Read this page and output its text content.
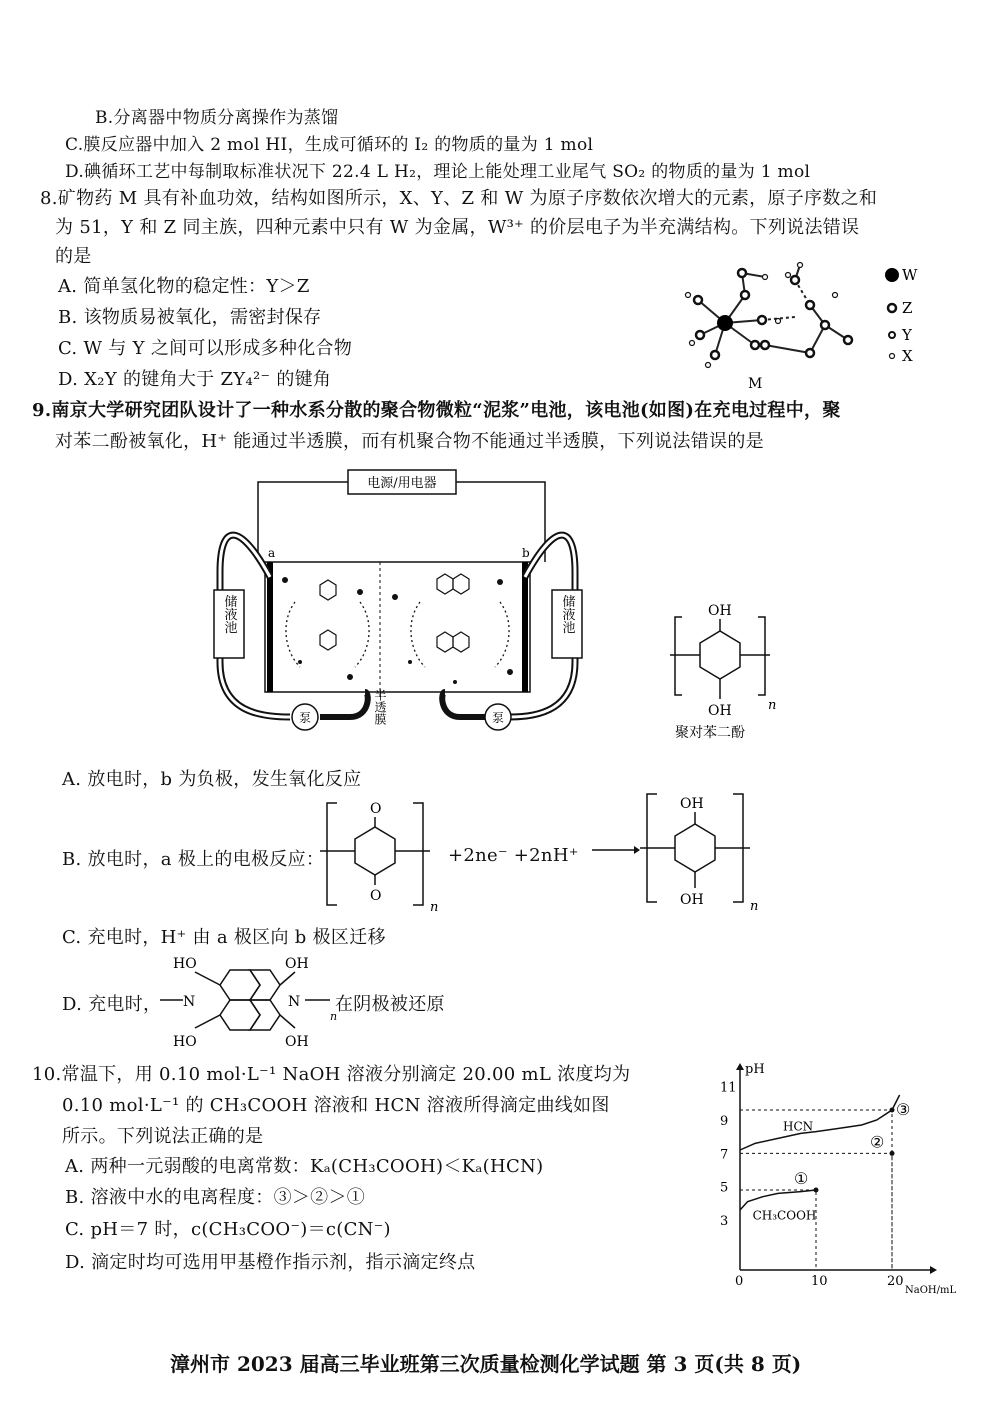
B.分离器中物质分离操作为蒸馏
C.膜反应器中加入 2 mol HI，生成可循环的 I₂ 的物质的量为 1 mol
D.碘循环工艺中每制取标准状况下 22.4 L H₂，理论上能处理工业尾气 SO₂ 的物质的量为 1 mol
8.矿物药 M 具有补血功效，结构如图所示，X、Y、Z 和 W 为原子序数依次增大的元素，原子序数之和
为 51，Y 和 Z 同主族，四种元素中只有 W 为金属，W³⁺ 的价层电子为半充满结构。下列说法错误
的是
A. 简单氢化物的稳定性：Y＞Z
B. 该物质易被氧化，需密封保存
C. W 与 Y 之间可以形成多种化合物
D. X₂Y 的键角大于 ZY₄²⁻ 的键角	M
W
Z
Y
X
9.南京大学研究团队设计了一种水系分散的聚合物微粒“泥浆”电池，该电池(如图)在充电过程中，聚
对苯二酚被氧化，H⁺ 能通过半透膜，而有机聚合物不能通过半透膜，下列说法错误的是
电源/用电器
a	b
储液池
泵
储液池
泵
半透膜
OH
OH	n
聚对苯二酚
A. 放电时，b 为负极，发生氧化反应
B. 放电时，a 极上的电极反应：
O
O
n
+2ne⁻ +2nH⁺ →
OH
OH	n
C. 充电时，H⁺ 由 a 极区向 b 极区迁移
D. 充电时，
HO	OH
HO	OH
N	N
n
在阴极被还原
10.常温下，用 0.10 mol·L⁻¹ NaOH 溶液分别滴定 20.00 mL 浓度均为
0.10 mol·L⁻¹ 的 CH₃COOH 溶液和 HCN 溶液所得滴定曲线如图
所示。下列说法正确的是
A. 两种一元弱酸的电离常数：Kₐ(CH₃COOH)＜Kₐ(HCN)
B. 溶液中水的电离程度：③＞②＞①
C. pH＝7 时，c(CH₃COO⁻)＝c(CN⁻)
D. 滴定时均可选用甲基橙作指示剂，指示滴定终点
pH
NaOH/mL
0	10	20
3
5
7
9
11
HCN
CH₃COOH
①
②
③
漳州市 2023 届高三毕业班第三次质量检测化学试题 第 3 页(共 8 页)
